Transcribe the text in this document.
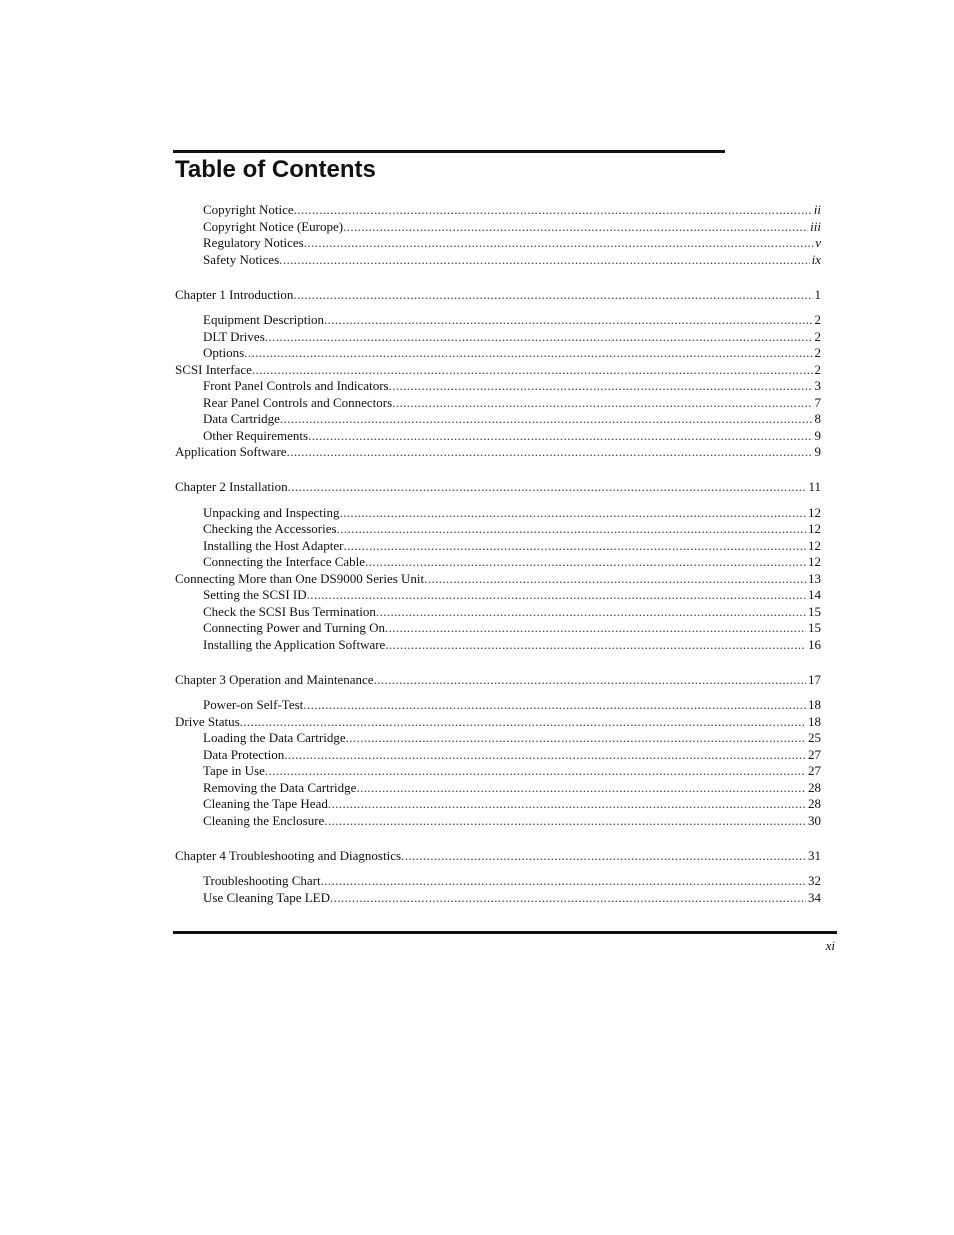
Table of Contents
Copyright Notice .....	ii
Copyright Notice (Europe) .....	iii
Regulatory Notices .....	v
Safety Notices .....	ix
Chapter 1 Introduction .....	1
Equipment Description .....	2
DLT Drives .....	2
Options .....	2
SCSI Interface .....	2
Front Panel Controls and Indicators .....	3
Rear Panel Controls and Connectors .....	7
Data Cartridge .....	8
Other Requirements .....	9
Application Software .....	9
Chapter 2 Installation .....	11
Unpacking and Inspecting .....	12
Checking the Accessories .....	12
Installing the Host Adapter .....	12
Connecting the Interface Cable .....	12
Connecting More than One DS9000 Series Unit .....	13
Setting the SCSI ID .....	14
Check the SCSI Bus Termination .....	15
Connecting Power and Turning On .....	15
Installing the Application Software .....	16
Chapter 3 Operation and Maintenance .....	17
Power-on Self-Test .....	18
Drive Status .....	18
Loading the Data Cartridge .....	25
Data Protection .....	27
Tape in Use .....	27
Removing the Data Cartridge .....	28
Cleaning the Tape Head .....	28
Cleaning the Enclosure .....	30
Chapter 4 Troubleshooting and Diagnostics .....	31
Troubleshooting Chart .....	32
Use Cleaning Tape LED .....	34
xi
